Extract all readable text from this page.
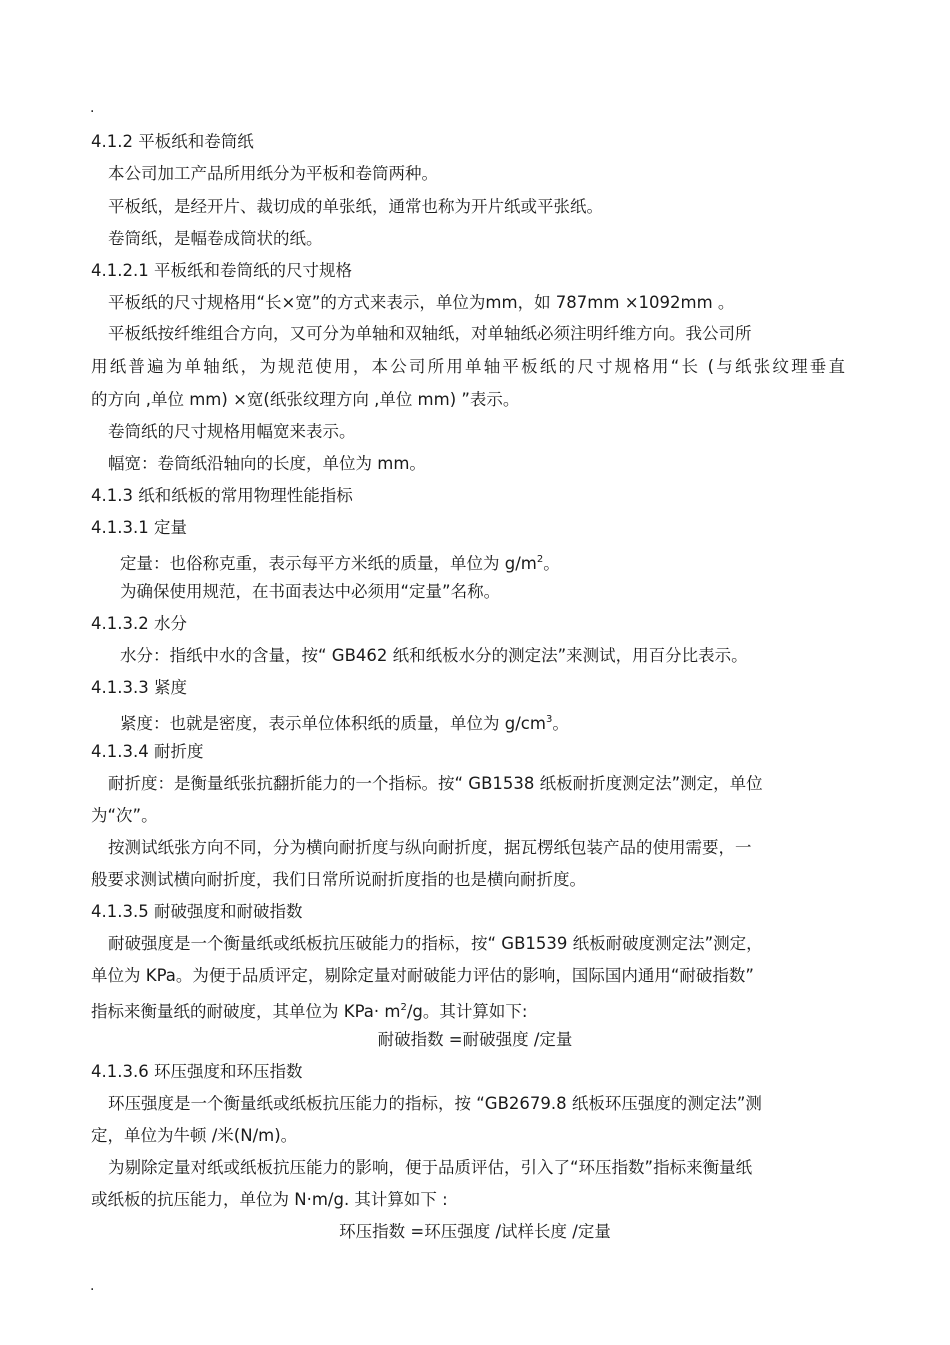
.
4.1.2 平板纸和卷筒纸
本公司加工产品所用纸分为平板和卷筒两种。
平板纸，是经开片、裁切成的单张纸，通常也称为开片纸或平张纸。
卷筒纸，是幅卷成筒状的纸。
4.1.2.1 平板纸和卷筒纸的尺寸规格
平板纸的尺寸规格用“长×宽”的方式来表示，单位为mm，如 787mm ×1092mm 。
平板纸按纤维组合方向，又可分为单轴和双轴纸，对单轴纸必须注明纤维方向。我公司所
用纸普遍为单轴纸，为规范使用，本公司所用单轴平板纸的尺寸规格用“长 (与纸张纹理垂直
的方向 ,单位 mm) ×宽(纸张纹理方向 ,单位 mm) ”表示。
卷筒纸的尺寸规格用幅宽来表示。
幅宽：卷筒纸沿轴向的长度，单位为 mm。
4.1.3 纸和纸板的常用物理性能指标
4.1.3.1 定量
定量：也俗称克重，表示每平方米纸的质量，单位为 $g/m^2$。
为确保使用规范，在书面表达中必须用“定量”名称。
4.1.3.2 水分
水分：指纸中水的含量，按“ GB462 纸和纸板水分的测定法”来测试，用百分比表示。
4.1.3.3 紧度
紧度：也就是密度，表示单位体积纸的质量，单位为 $g/cm^3$。
4.1.3.4 耐折度
耐折度：是衡量纸张抗翻折能力的一个指标。按“ GB1538 纸板耐折度测定法”测定，单位
为“次”。
按测试纸张方向不同，分为横向耐折度与纵向耐折度，据瓦楞纸包装产品的使用需要，一
般要求测试横向耐折度，我们日常所说耐折度指的也是横向耐折度。
4.1.3.5 耐破强度和耐破指数
耐破强度是一个衡量纸或纸板抗压破能力的指标，按“ GB1539 纸板耐破度测定法”测定，
单位为 KPa。为便于品质评定，剔除定量对耐破能力评估的影响，国际国内通用“耐破指数”
指标来衡量纸的耐破度，其单位为 $KPa\cdot m^2/g$。其计算如下:
耐破指数 =耐破强度 /定量
4.1.3.6 环压强度和环压指数
环压强度是一个衡量纸或纸板抗压能力的指标，按 “GB2679.8 纸板环压强度的测定法”测
定，单位为牛顿 /米(N/m)。
为剔除定量对纸或纸板抗压能力的影响，便于品质评估，引入了“环压指数”指标来衡量纸
或纸板的抗压能力，单位为 N·m/g. 其计算如下 :
环压指数 =环压强度 /试样长度 /定量
.
